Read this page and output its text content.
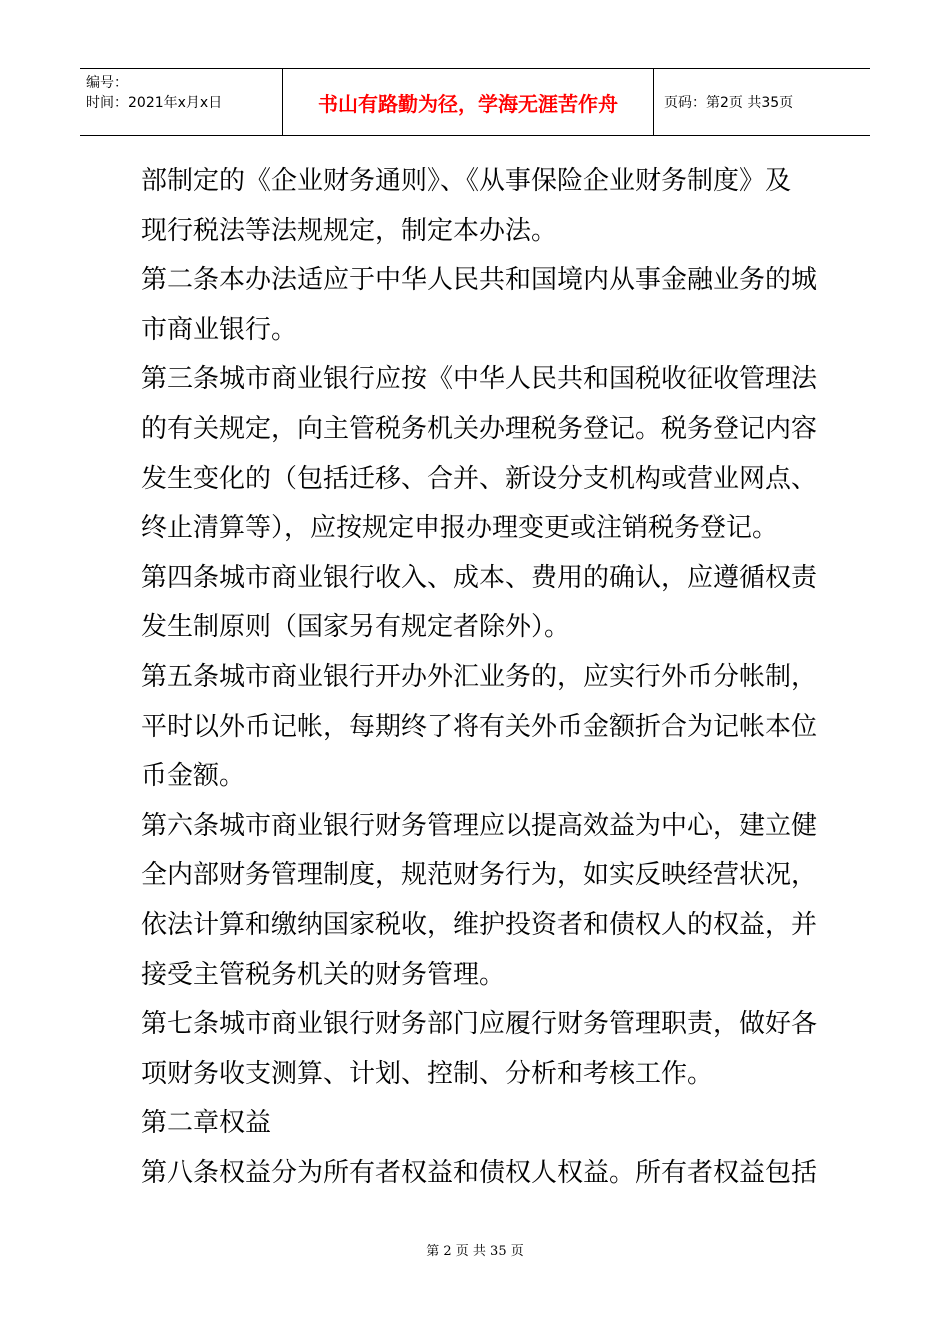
编号：
时间：2021年x月x日	书山有路勤为径，学海无涯苦作舟	页码：第2页 共35页
部制定的《企业财务通则》、《从事保险企业财务制度》及
现行税法等法规规定，制定本办法。
第二条本办法适应于中华人民共和国境内从事金融业务的城
市商业银行。
第三条城市商业银行应按《中华人民共和国税收征收管理法
的有关规定，向主管税务机关办理税务登记。税务登记内容
发生变化的（包括迁移、合并、新设分支机构或营业网点、
终止清算等），应按规定申报办理变更或注销税务登记。
第四条城市商业银行收入、成本、费用的确认，应遵循权责
发生制原则（国家另有规定者除外）。
第五条城市商业银行开办外汇业务的，应实行外币分帐制，
平时以外币记帐，每期终了将有关外币金额折合为记帐本位
币金额。
第六条城市商业银行财务管理应以提高效益为中心，建立健
全内部财务管理制度，规范财务行为，如实反映经营状况，
依法计算和缴纳国家税收，维护投资者和债权人的权益，并
接受主管税务机关的财务管理。
第七条城市商业银行财务部门应履行财务管理职责，做好各
项财务收支测算、计划、控制、分析和考核工作。
第二章权益
第八条权益分为所有者权益和债权人权益。所有者权益包括
第 2 页 共 35 页
